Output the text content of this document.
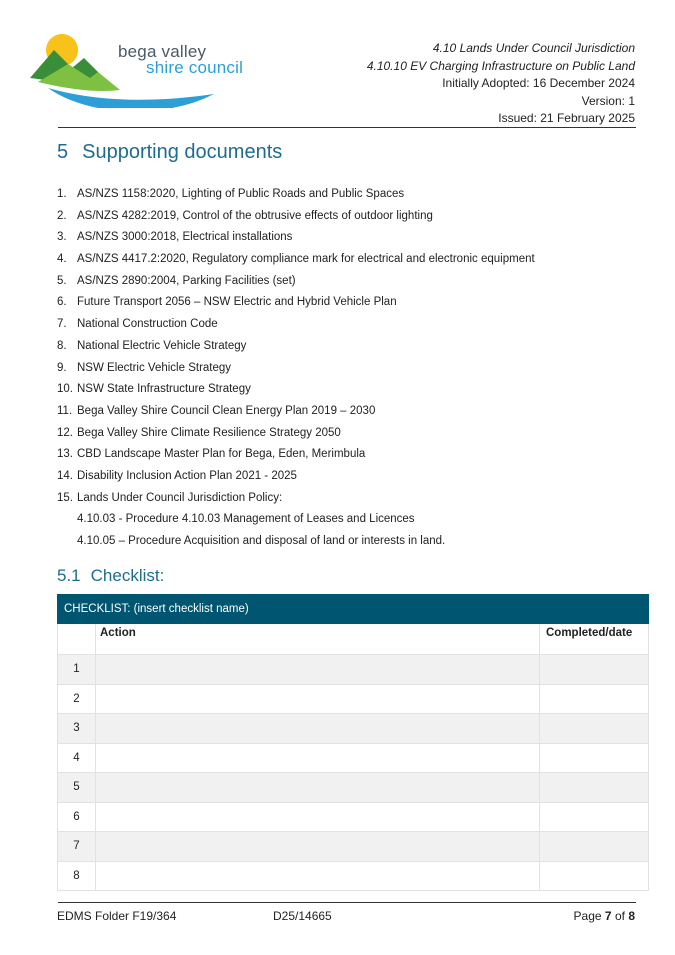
bega valley
shire council
4.10 Lands Under Council Jurisdiction
4.10.10 EV Charging Infrastructure on Public Land
Initially Adopted: 16 December 2024
Version: 1
Issued: 21 February 2025
5 Supporting documents
1. AS/NZS 1158:2020, Lighting of Public Roads and Public Spaces
2. AS/NZS 4282:2019, Control of the obtrusive effects of outdoor lighting
3. AS/NZS 3000:2018, Electrical installations
4. AS/NZS 4417.2:2020, Regulatory compliance mark for electrical and electronic equipment
5. AS/NZS 2890:2004, Parking Facilities (set)
6. Future Transport 2056 – NSW Electric and Hybrid Vehicle Plan
7. National Construction Code
8. National Electric Vehicle Strategy
9. NSW Electric Vehicle Strategy
10. NSW State Infrastructure Strategy
11. Bega Valley Shire Council Clean Energy Plan 2019 – 2030
12. Bega Valley Shire Climate Resilience Strategy 2050
13. CBD Landscape Master Plan for Bega, Eden, Merimbula
14. Disability Inclusion Action Plan 2021 - 2025
15. Lands Under Council Jurisdiction Policy:
4.10.03 - Procedure 4.10.03 Management of Leases and Licences
4.10.05 – Procedure Acquisition and disposal of land or interests in land.
5.1 Checklist:
CHECKLIST: (insert checklist name)		
	Action	Completed/date
1		
2		
3		
4		
5		
6		
7		
8		
EDMS Folder F19/364	D25/14665	Page 7 of 8
